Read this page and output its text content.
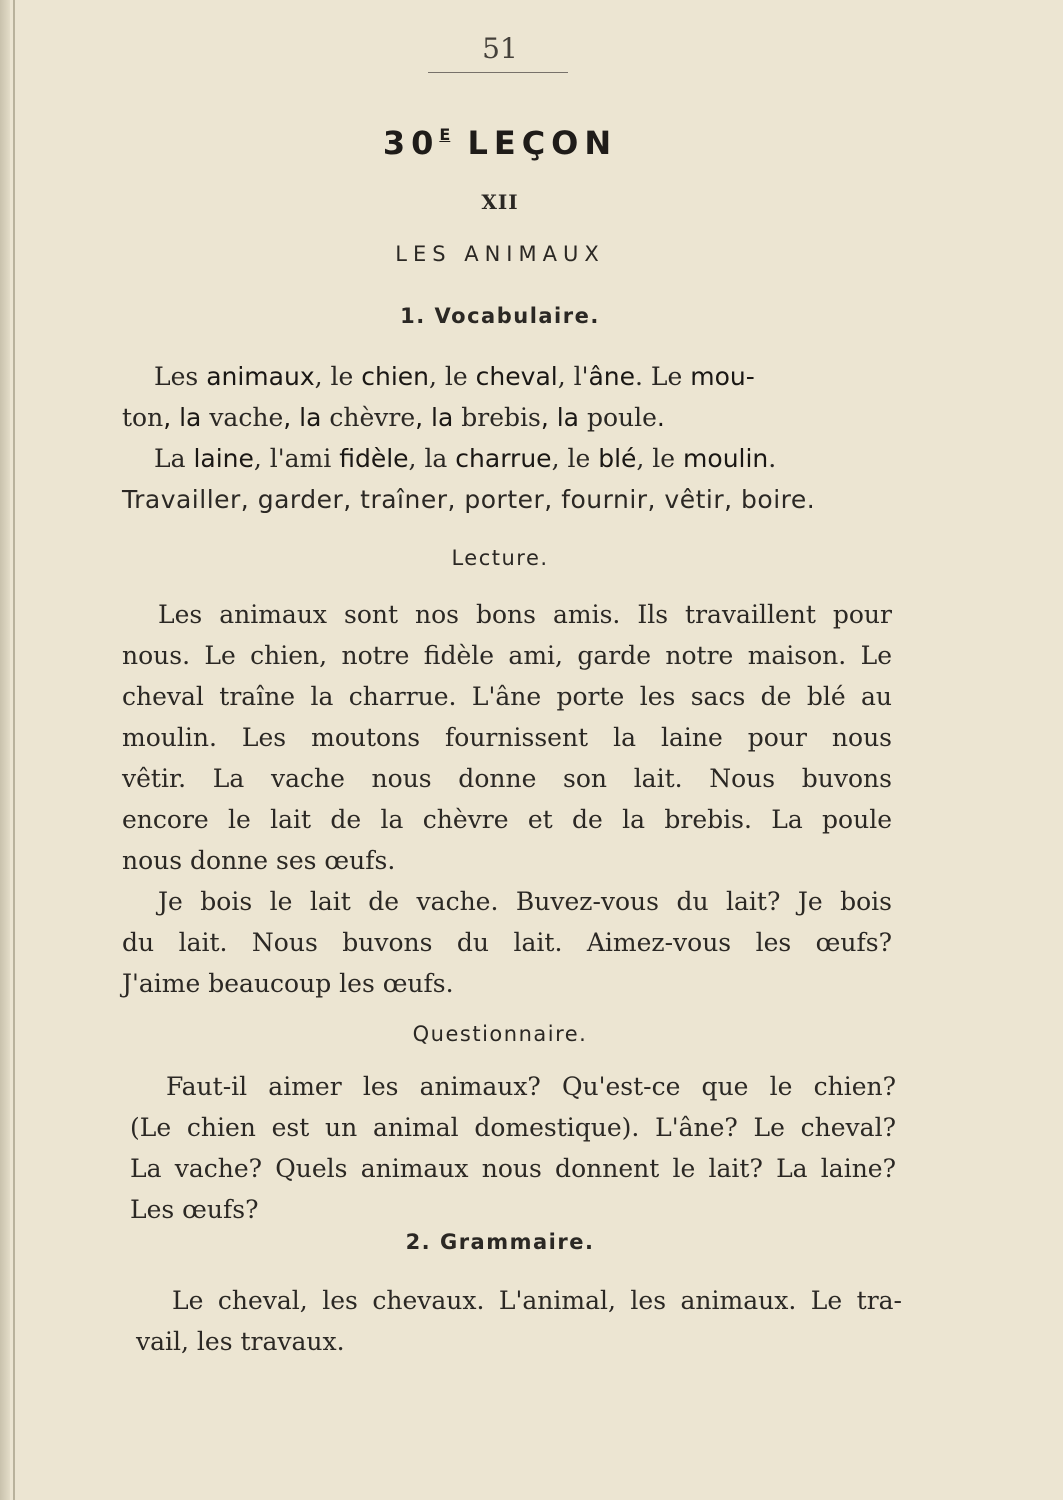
51
$30^E$ LEÇON
XII
LES ANIMAUX
1. Vocabulaire.
Les animaux, le chien, le cheval, l'âne. Le mou-
ton, la vache, la chèvre, la brebis, la poule.
La laine, l'ami fidèle, la charrue, le blé, le moulin.
Travailler, garder, traîner, porter, fournir, vêtir, boire.
Lecture.
Les animaux sont nos bons amis. Ils travaillent pour
nous. Le chien, notre fidèle ami, garde notre maison. Le
cheval traîne la charrue. L'âne porte les sacs de blé au
moulin. Les moutons fournissent la laine pour nous
vêtir. La vache nous donne son lait. Nous buvons
encore le lait de la chèvre et de la brebis. La poule
nous donne ses œufs.
Je bois le lait de vache. Buvez-vous du lait? Je bois
du lait. Nous buvons du lait. Aimez-vous les œufs?
J'aime beaucoup les œufs.
Questionnaire.
Faut-il aimer les animaux? Qu'est-ce que le chien?
(Le chien est un animal domestique). L'âne? Le cheval?
La vache? Quels animaux nous donnent le lait? La laine?
Les œufs?
2. Grammaire.
Le cheval, les chevaux. L'animal, les animaux. Le tra-
vail, les travaux.
